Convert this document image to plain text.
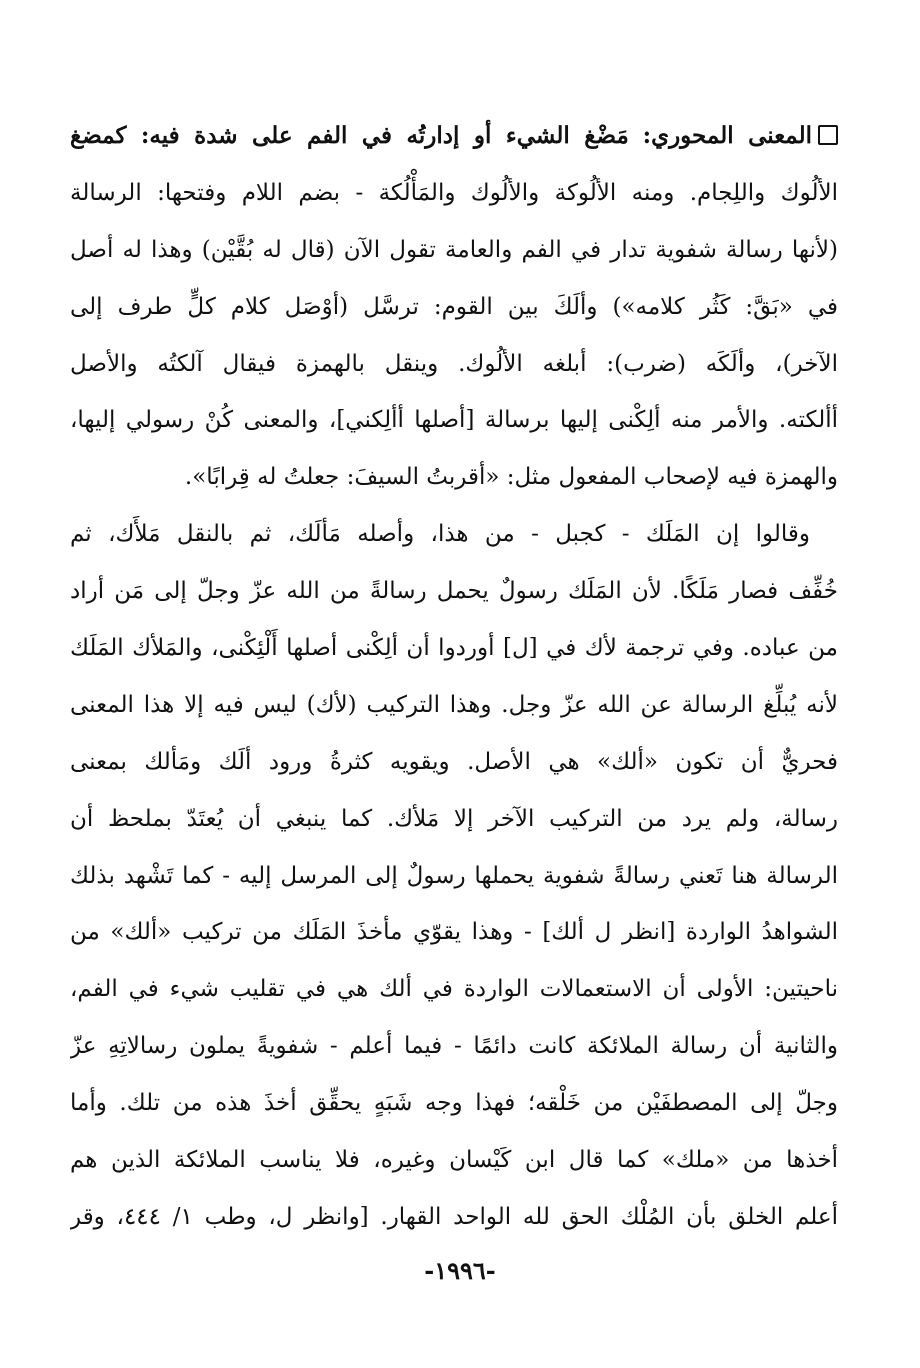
المعنى المحوري: مَضْغ الشيء أو إدارتُه في الفم على شدة فيه: كمضغ
الألُوك واللِجام. ومنه الألُوكة والألُوك والمَأْلُكة - بضم اللام وفتحها: الرسالة
(لأنها رسالة شفوية تدار في الفم والعامة تقول الآن (قال له بُقَّيْن) وهذا له أصل
في «بَقَّ: كَثُر كلامه») وألَكَ بين القوم: ترسَّل (أوْصَل كلام كلٍّ طرف إلى
الآخر)، وألَكَه (ضرب): أبلغه الألُوك. وينقل بالهمزة فيقال آلكتُه والأصل
أألكته. والأمر منه ألِكْنى إليها برسالة [أصلها أألِكني]، والمعنى كُنْ رسولي إليها،
والهمزة فيه لإصحاب المفعول مثل: «أقربتُ السيفَ: جعلتُ له قِرابًا».
وقالوا إن المَلَك - كجبل - من هذا، وأصله مَألَك، ثم بالنقل مَلأَك، ثم
خُفِّف فصار مَلَكًا. لأن المَلَك رسولٌ يحمل رسالةً من الله عزّ وجلّ إلى مَن أراد
من عباده. وفي ترجمة لأك في [ل] أوردوا أن ألِكْنى أصلها أَلْئِكْنى، والمَلأك المَلَك
لأنه يُبلِّغ الرسالة عن الله عزّ وجل. وهذا التركيب (لأك) ليس فيه إلا هذا المعنى
فحريٌّ أن تكون «ألك» هي الأصل. ويقويه كثرةُ ورود ألَك ومَألك بمعنى
رسالة، ولم يرد من التركيب الآخر إلا مَلأك. كما ينبغي أن يُعتَدّ بملحظ أن
الرسالة هنا تَعني رسالةً شفوية يحملها رسولٌ إلى المرسل إليه - كما تَشْهد بذلك
الشواهدُ الواردة [انظر ل ألك] - وهذا يقوّي مأخذَ المَلَك من تركيب «ألك» من
ناحيتين: الأولى أن الاستعمالات الواردة في ألك هي في تقليب شيء في الفم،
والثانية أن رسالة الملائكة كانت دائمًا - فيما أعلم - شفويةً يملون رسالاتِهِ عزّ
وجلّ إلى المصطفَيْن من خَلْقه؛ فهذا وجه شَبَهٍ يحقِّق أخذَ هذه من تلك. وأما
أخذها من «ملك» كما قال ابن كَيْسان وغيره، فلا يناسب الملائكة الذين هم
أعلم الخلق بأن المُلْك الحق لله الواحد القهار. [وانظر ل، وطب ١/ ٤٤٤، وقر
-١٩٩٦-
